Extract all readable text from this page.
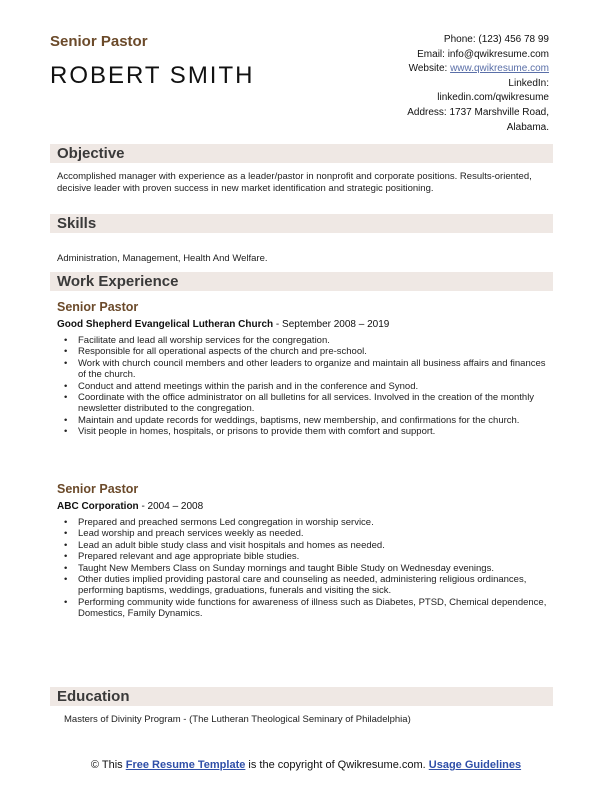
Senior Pastor
ROBERT SMITH
Phone: (123) 456 78 99
Email: info@qwikresume.com
Website: www.qwikresume.com
LinkedIn:
linkedin.com/qwikresume
Address: 1737 Marshville Road,
Alabama.
Objective
Accomplished manager with experience as a leader/pastor in nonprofit and corporate positions. Results-oriented, decisive leader with proven success in new market identification and strategic positioning.
Skills
Administration, Management, Health And Welfare.
Work Experience
Senior Pastor
Good Shepherd Evangelical Lutheran Church - September 2008 – 2019
• Facilitate and lead all worship services for the congregation.
• Responsible for all operational aspects of the church and pre-school.
• Work with church council members and other leaders to organize and maintain all business affairs and finances of the church.
• Conduct and attend meetings within the parish and in the conference and Synod.
• Coordinate with the office administrator on all bulletins for all services. Involved in the creation of the monthly newsletter distributed to the congregation.
• Maintain and update records for weddings, baptisms, new membership, and confirmations for the church.
• Visit people in homes, hospitals, or prisons to provide them with comfort and support.
Senior Pastor
ABC Corporation - 2004 – 2008
• Prepared and preached sermons Led congregation in worship service.
• Lead worship and preach services weekly as needed.
• Lead an adult bible study class and visit hospitals and homes as needed.
• Prepared relevant and age appropriate bible studies.
• Taught New Members Class on Sunday mornings and taught Bible Study on Wednesday evenings.
• Other duties implied providing pastoral care and counseling as needed, administering religious ordinances, performing baptisms, weddings, graduations, funerals and visiting the sick.
• Performing community wide functions for awareness of illness such as Diabetes, PTSD, Chemical dependence, Domestics, Family Dynamics.
Education
Masters of Divinity Program - (The Lutheran Theological Seminary of Philadelphia)
© This Free Resume Template is the copyright of Qwikresume.com. Usage Guidelines
